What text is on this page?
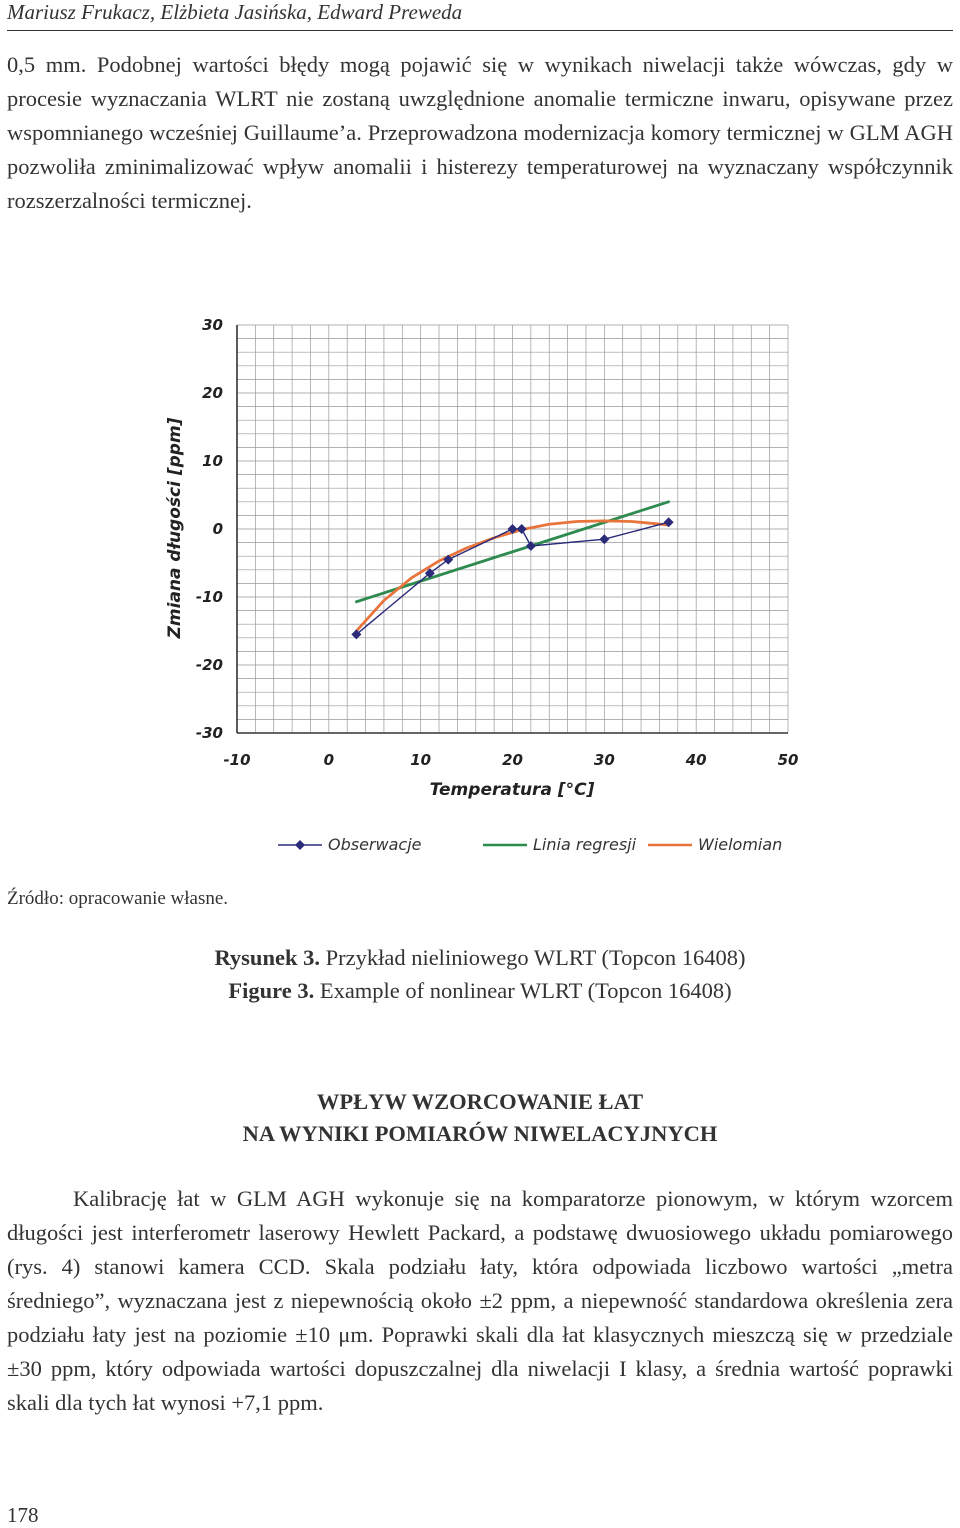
Mariusz Frukacz, Elżbieta Jasińska, Edward Preweda

0,5 mm. Podobnej wartości błędy mogą pojawić się w wynikach niwelacji także wówczas, gdy w procesie wyznaczania WLRT nie zostaną uwzględnione anomalie termiczne inwaru, opisywane przez wspomnianego wcześniej Guillaume’a. Przeprowadzona modernizacja komory termicznej w GLM AGH pozwoliła zminimalizować wpływ anomalii i histerezy temperaturowej na wyznaczany współczynnik rozszerzalności termicznej.

-10	0	10	20	30	40	50
30
20
10
0
-10
-20
-30
Temperatura [°C]
Zmiana długości [ppm]
Obserwacje	Linia regresji	Wielomian
Źródło: opracowanie własne.
Rysunek 3. Przykład nieliniowego WLRT (Topcon 16408)
Figure 3. Example of nonlinear WLRT (Topcon 16408)
WPŁYW WZORCOWANIE ŁAT
NA WYNIKI POMIARÓW NIWELACYJNYCH

Kalibrację łat w GLM AGH wykonuje się na komparatorze pionowym, w którym wzorcem długości jest interferometr laserowy Hewlett Packard, a podstawę dwuosiowego układu pomiarowego (rys. 4) stanowi kamera CCD. Skala podziału łaty, która odpowiada liczbowo wartości „metra średniego”, wyznaczana jest z niepewnością około ±2 ppm, a niepewność standardowa określenia zera podziału łaty jest na poziomie ±10 μm. Poprawki skali dla łat klasycznych mieszczą się w przedziale ±30 ppm, który odpowiada wartości dopuszczalnej dla niwelacji I klasy, a średnia wartość poprawki skali dla tych łat wynosi +7,1 ppm.

178
